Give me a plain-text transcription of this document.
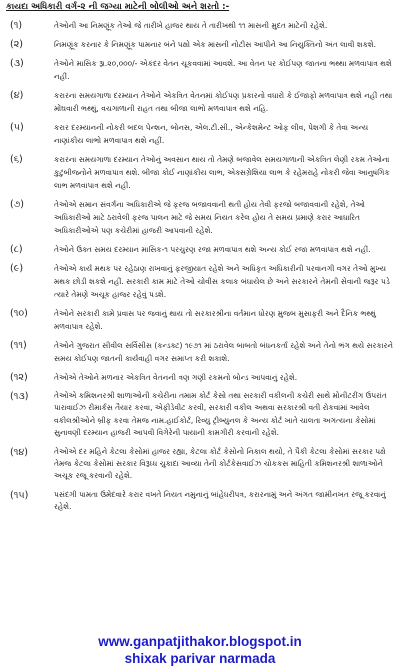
કાયદા અધિકારી વર્ગ-૨ ની જગ્યા માટેની બોલીઓ અને શરતો :-
(૧)	તેઓની આ નિમણૂંક તેઓ જે તારીખે હાજર થાય તે તારીખથી ૧૧ માસની મુદત માટેની રહેશે.
(૨)	નિમણૂંક કરનાર કે નિમણૂંક પામનાર બંને પક્ષો એક માસની નોટીસ આપીને આ નિયુક્તિનો અંત લાવી શકશે.
(૩)	તેઓને માસિક રૂા.૨૦,૦૦૦/- એકંદર વેતન ચૂકવવામાં આવશે. આ વેતન પર કોઈપણ જાતના ભથ્થા મળવાપાત્ર થશે નહીં.
(૪)	કરારના સમયગાળા દરમ્યાન તેઓને એકત્રિત વેતનમાં કોઈપણ પ્રકારનો વધારો કે ઈજાફો મળવાપાત્ર થશે નહીં તથા મોંઘવારી ભથ્થું, વચગાળાની રાહત તથા બીજા લાભો મળવાપાત્ર થશે નહિ.
(૫)	કરાર દરમ્યાનની નોકરી બદલ પેન્શન, બોનસ, એલ.ટી.સી., એન્કેશમેન્ટ ઓફ લીવ, પેશગી કે તેવા અન્ય નાણાંકીય લાભો મળવાપાત્ર થશે નહીં.
(૬)	કરારના સમયગાળા દરમ્યાન તેઓનું અવસાન થાય તો તેમણે બજાવેલ સમયગાળાની એકત્રિત લેણી રકમ તેઓના કુટુંબીજનોને મળવાપાત્ર થશે. બીજા કોઈ નાણાંકીય લાભ, એક્સગ્રેશિયા લાભ કે રહેમરાહે નોકરી જેવા આનુષંગિક લાભ મળવાપાત્ર થશે નહીં.
(૭)	તેઓએ સમાન સંવર્ગના અધિકારીએ જે ફરજ બજાવવાની થતી હોય તેવી ફરજો બજાવવાની રહેશે, તેઓ અધિકારીઓ માટે ઠરાવેલી ફરજ પાલન માટે જે સમય નિયત કરેલ હોય તે સમય પ્રમાણે કરાર આધારિત અધિકારીઓએ પણ કચેરીમાં હાજરી આપવાની રહેશે.
(૮)	તેઓને ઉક્ત સમય દરમ્યાન માસિક-૧ પરચુરણ રજા મળવાપાત્ર થશે અન્ય કોઈ રજા મળવાપાત્ર થશે નહીં.
(૯)	તેઓએ કાર્ય મથક પર રહેઠાણ રાખવાનું ફરજીયાત રહેશે અને અધિકૃત અધિકારીની પરવાનગી વગર તેઓ મુખ્ય મથક છોડી શકશે નહીં. સરકારી કામ માટે તેઓ ચોવીસ કલાક બંધાયેલ છે અને સરકારને તેમની સેવાની જરૂર પડે ત્યારે તેમણે અચૂક હાજર રહેવું પડશે.
(૧૦)	તેઓને સરકારી કામે પ્રવાસ પર જવાનું થાય તો સરકારશ્રીના વર્તમાન ધોરણ મુજબ મુસાફરી અને દૈનિક ભથ્થું મળવાપાત્ર રહેશે.
(૧૧)	તેઓને ગુજરાત સીવીલ સર્વિસીસ (કન્ડક્ટ) ૧૯૭૧ માં ઠરાવેલ બાબતો બંધનકર્તા રહેશે અને તેનો ભંગ થયે સરકારને સમય કોઈપણ જાતની કાર્યવાહી વગર સમાપ્ત કરી શકાશે.
(૧૨)	તેઓએ તેઓને મળનાર એકત્રિત વેતનની ત્રણ ગણી રકમનો બોન્ડ આપવાનું રહેશે.
(૧૩)	તેઓએ કમિશનરશ્રી શાળાઓની કચેરીના તમામ કોર્ટ કેસો તથા સરકારી વકીલની કચેરી સાથે મોનીટરીંગ ઉપરાંત પારાવાઈઝ રીમાર્કસ તૈયાર કરવા, એફીડેવીટ કરવી, સરકારી વકીલ અથવા સરકારશ્રી વતી રોકવામાં આવેલ વકીલશ્રીઓને બ્રીફ કરવા તેમજ નામ.હાઈકોર્ટ, રિવ્યુ ટ્રીબ્યુનલ કે અન્ય કોર્ટ ખાતે ચાલતા અગત્યના કેસોમાં સુનાવણી દરમ્યાન હાજરી આપવી વિગેરેની પાયાની કામગીરી કરવાની રહેશે.
(૧૪)	તેઓએ દર મહિને કેટલા કેસોમાં હાજર રહ્યા, કેટલા કોર્ટ કેસોનો નિકાલ થયો, તે પૈકી કેટલા કેસોમાં સરકાર પક્ષે તેમજ કેટલા કેસોમાં સરકાર વિરૂધ્ધ ચુકાદા આવ્યા તેની કોર્ટકેસવાઈઝ ચોકકસ માહિતી કમિશનરશ્રી શાળાઓને અચૂક રજૂ કરવાની રહેશે.
(૧૫)	પસંદગી પામતા ઉમેદવારે કરાર વખતે નિયત નમુનાનું બાંહેધરીપત્ર, કરારનામું અને અંગત જામીનખત રજૂ કરવાનું રહેશે.
www.ganpatjithakor.blogspot.in
shixak parivar narmada
